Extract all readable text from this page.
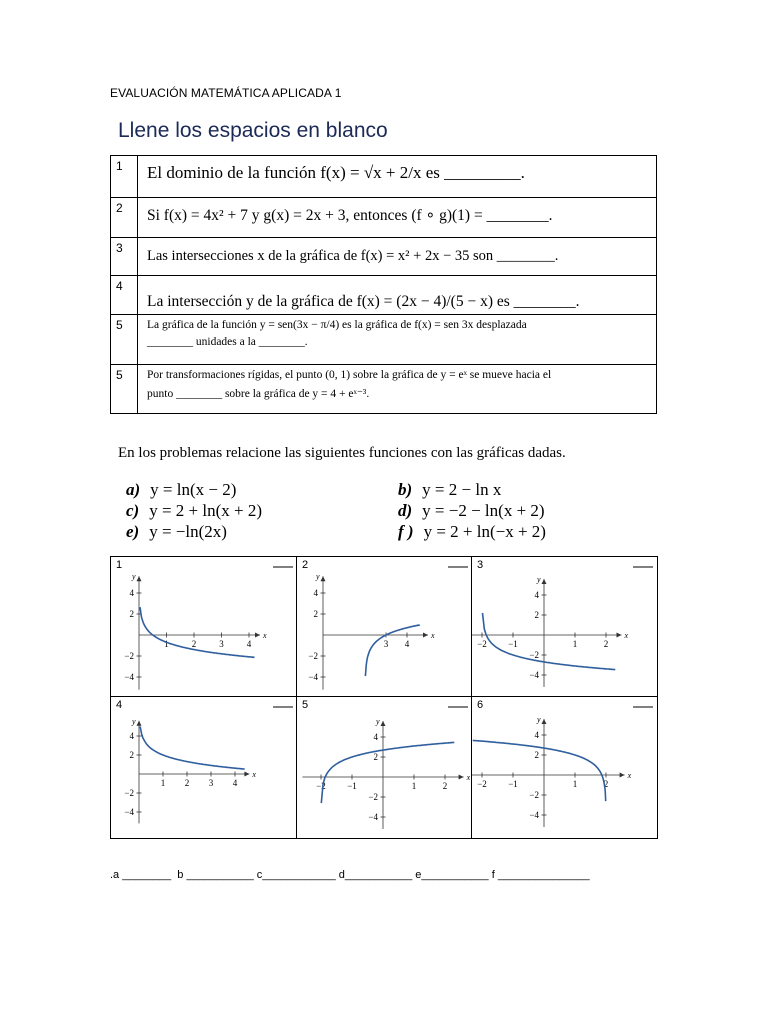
EVALUACIÓN MATEMÁTICA APLICADA 1
Llene los espacios en blanco
1 El dominio de la función f(x) = √x + 2/x es _________.
2 Si f(x) = 4x² + 7 y g(x) = 2x + 3, entonces (f ∘ g)(1) = ________.
3 Las intersecciones x de la gráfica de f(x) = x² + 2x − 35 son ________.
4
La intersección y de la gráfica de f(x) = (2x − 4)/(5 − x) es ________.
5 La gráfica de la función y = sen(3x − π/4) es la gráfica de f(x) = sen 3x desplazada
________ unidades a la ________.
5 Por transformaciones rígidas, el punto (0, 1) sobre la gráfica de y = eˣ se mueve hacia el
punto ________ sobre la gráfica de y = 4 + eˣ⁻³.
En los problemas relacione las siguientes funciones con las gráficas dadas.
a) y = ln(x − 2)	b) y = 2 − ln x
c) y = 2 + ln(x + 2)	d) y = −2 − ln(x + 2)
e) y = −ln(2x)	f ) y = 2 + ln(−x + 2)
x
y
1	2	3	4
4
2
−2
−4
1
x
y
3 4
4
2
−2
−4
2
x
y
−2 −1	1	2
4
2
−2
−4
3
x
y
1 2 3 4
4
2
−2
−4
4
x
y
−2 −1	1	2
4
2
−2
−4
5
x
y
−2 −1	1	2
4
2
−2
−4
6
.a ________  b ___________ c____________ d___________ e___________ f _______________
